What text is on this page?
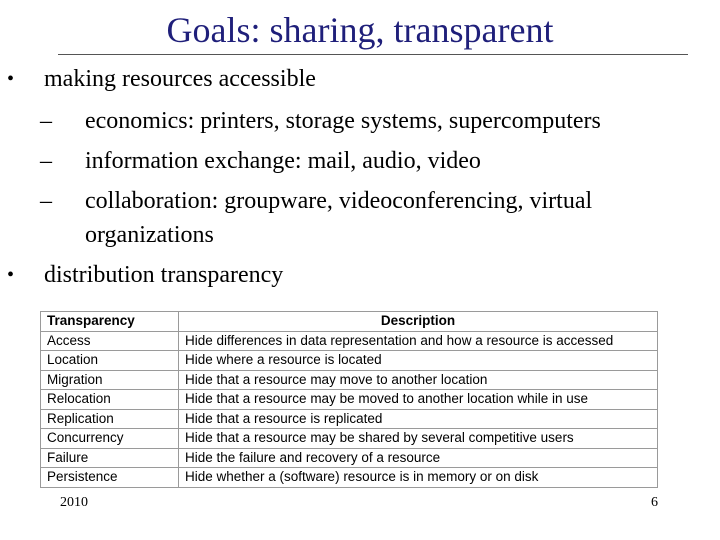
Goals: sharing, transparent
• making resources accessible
– economics: printers, storage systems, supercomputers
– information exchange: mail, audio, video
– collaboration: groupware, videoconferencing, virtual organizations
• distribution transparency
Transparency	Description
Access	Hide differences in data representation and how a resource is accessed
Location	Hide where a resource is located
Migration	Hide that a resource may move to another location
Relocation	Hide that a resource may be moved to another location while in use
Replication	Hide that a resource is replicated
Concurrency	Hide that a resource may be shared by several competitive users
Failure	Hide the failure and recovery of a resource
Persistence	Hide whether a (software) resource is in memory or on disk
2010	6
